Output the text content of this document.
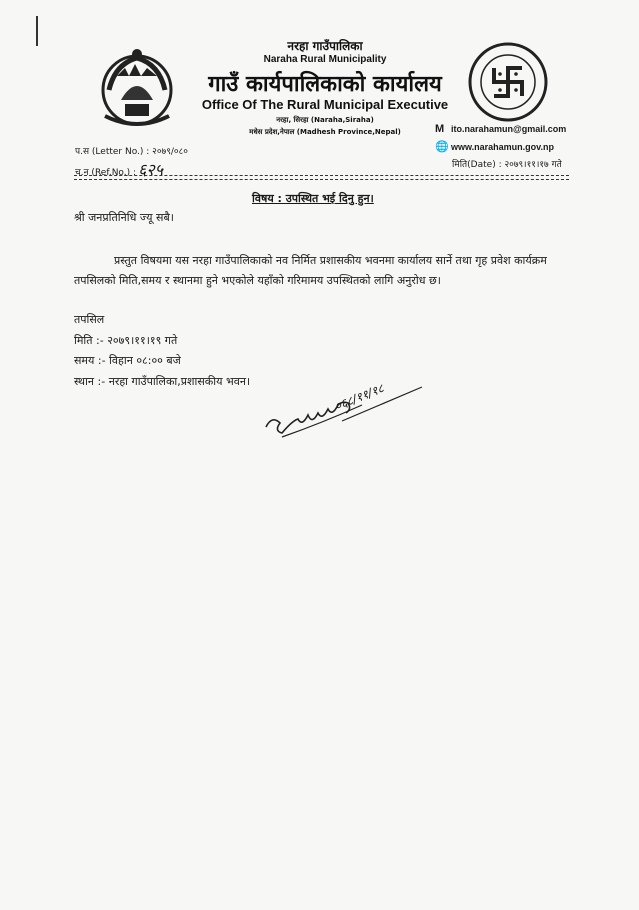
नरहा गाउँपालिका
Naraha Rural Municipality
गाउँ कार्यपालिकाको कार्यालय
Office Of The Rural Municipal Executive
नरहा, सिरहा (Naraha,Siraha)
मधेस प्रदेश,नेपाल (Madhesh Province,Nepal)	M ito.narahamun@gmail.com
🌐 www.narahamun.gov.np
प.स (Letter No.) : २०७९/०८०
च.न (Ref.No.) : ६२५	मिति(Date) : २०७९।११।१७ गते
विषय : उपस्थित भई दिनु हुन।
श्री जनप्रतिनिधि ज्यू सबै।
प्रस्तुत विषयमा यस नरहा गाउँपालिकाको नव निर्मित प्रशासकीय भवनमा कार्यालय सार्ने तथा गृह प्रवेश कार्यक्रम तपसिलको मिति,समय र स्थानमा हुने भएकोले यहाँको गरिमामय उपस्थितको लागि अनुरोध छ।
तपसिल
मिति :- २०७९।११।१९ गते
समय :- विहान ०८:०० बजे
स्थान :- नरहा गाउँपालिका,प्रशासकीय भवन।	०६८/११/१८
